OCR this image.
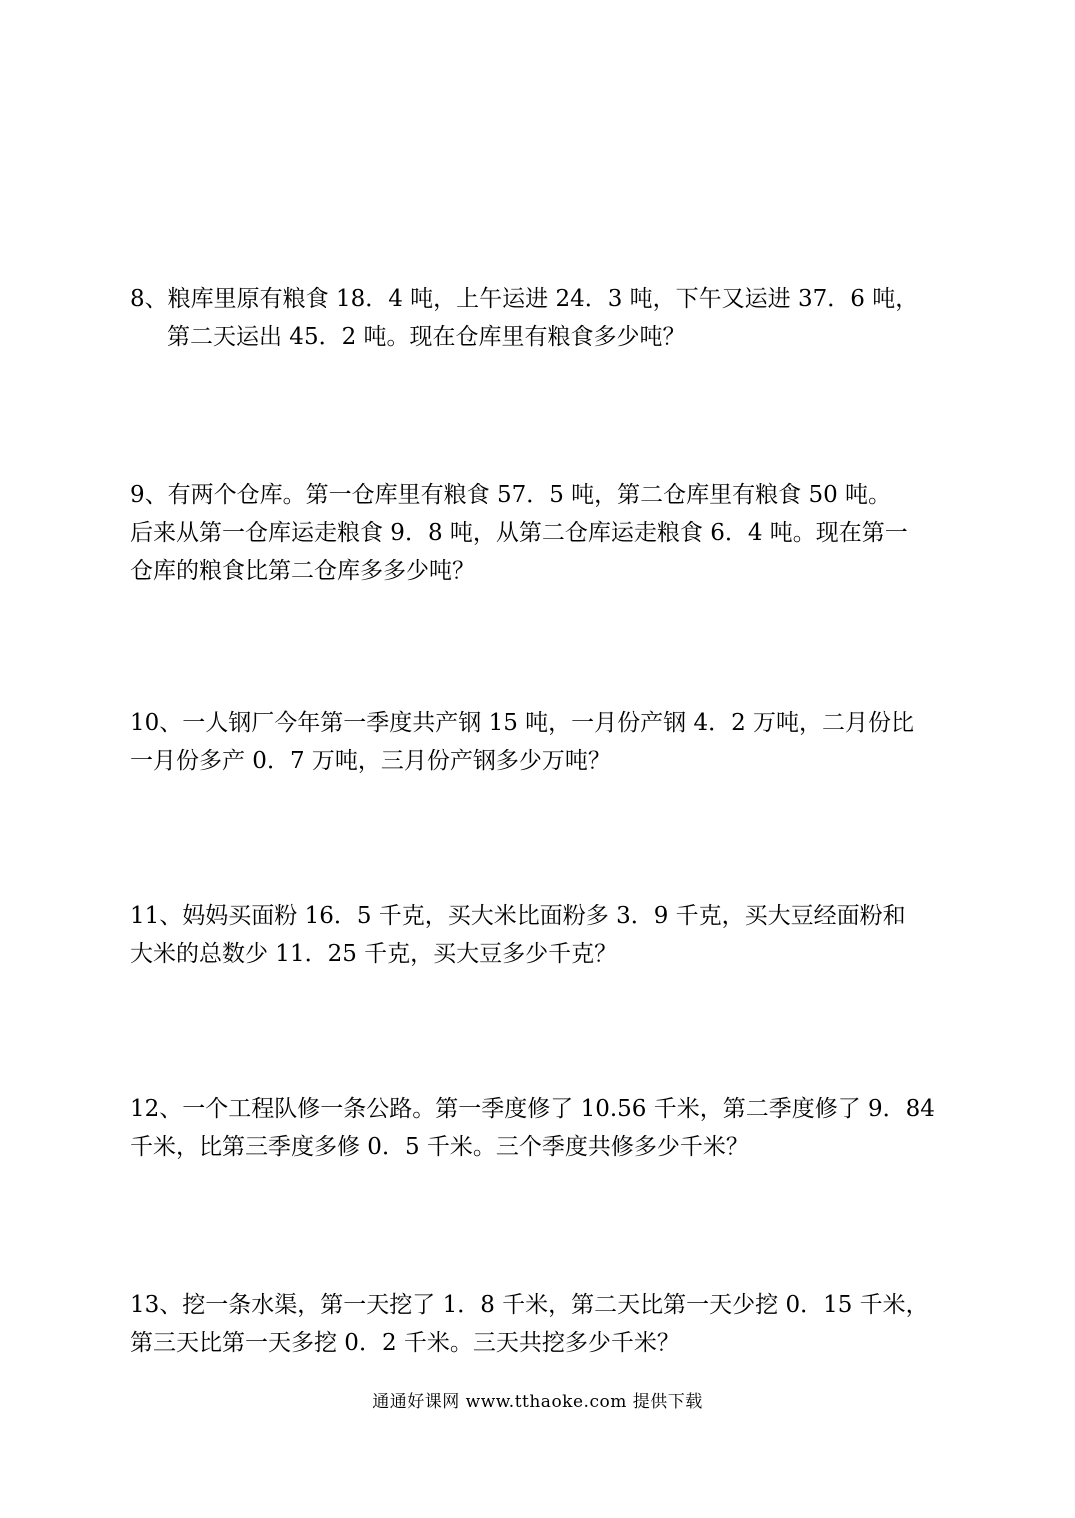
8、粮库里原有粮食 18．4 吨，上午运进 24．3 吨，下午又运进 37．6 吨，

第二天运出 45．2 吨。现在仓库里有粮食多少吨？

9、有两个仓库。第一仓库里有粮食 57．5 吨，第二仓库里有粮食 50 吨。

后来从第一仓库运走粮食 9．8 吨，从第二仓库运走粮食 6．4 吨。现在第一

仓库的粮食比第二仓库多多少吨？

10、一人钢厂今年第一季度共产钢 15 吨，一月份产钢 4．2 万吨，二月份比

一月份多产 0．7 万吨，三月份产钢多少万吨？

11、妈妈买面粉 16．5 千克，买大米比面粉多 3．9 千克，买大豆经面粉和

大米的总数少 11．25 千克，买大豆多少千克？

12、一个工程队修一条公路。第一季度修了 10.56 千米，第二季度修了 9．84

千米，比第三季度多修 0．5 千米。三个季度共修多少千米？

13、挖一条水渠，第一天挖了 1．8 千米，第二天比第一天少挖 0．15 千米，

第三天比第一天多挖 0．2 千米。三天共挖多少千米？

通通好课网 www.tthaoke.com 提供下载
